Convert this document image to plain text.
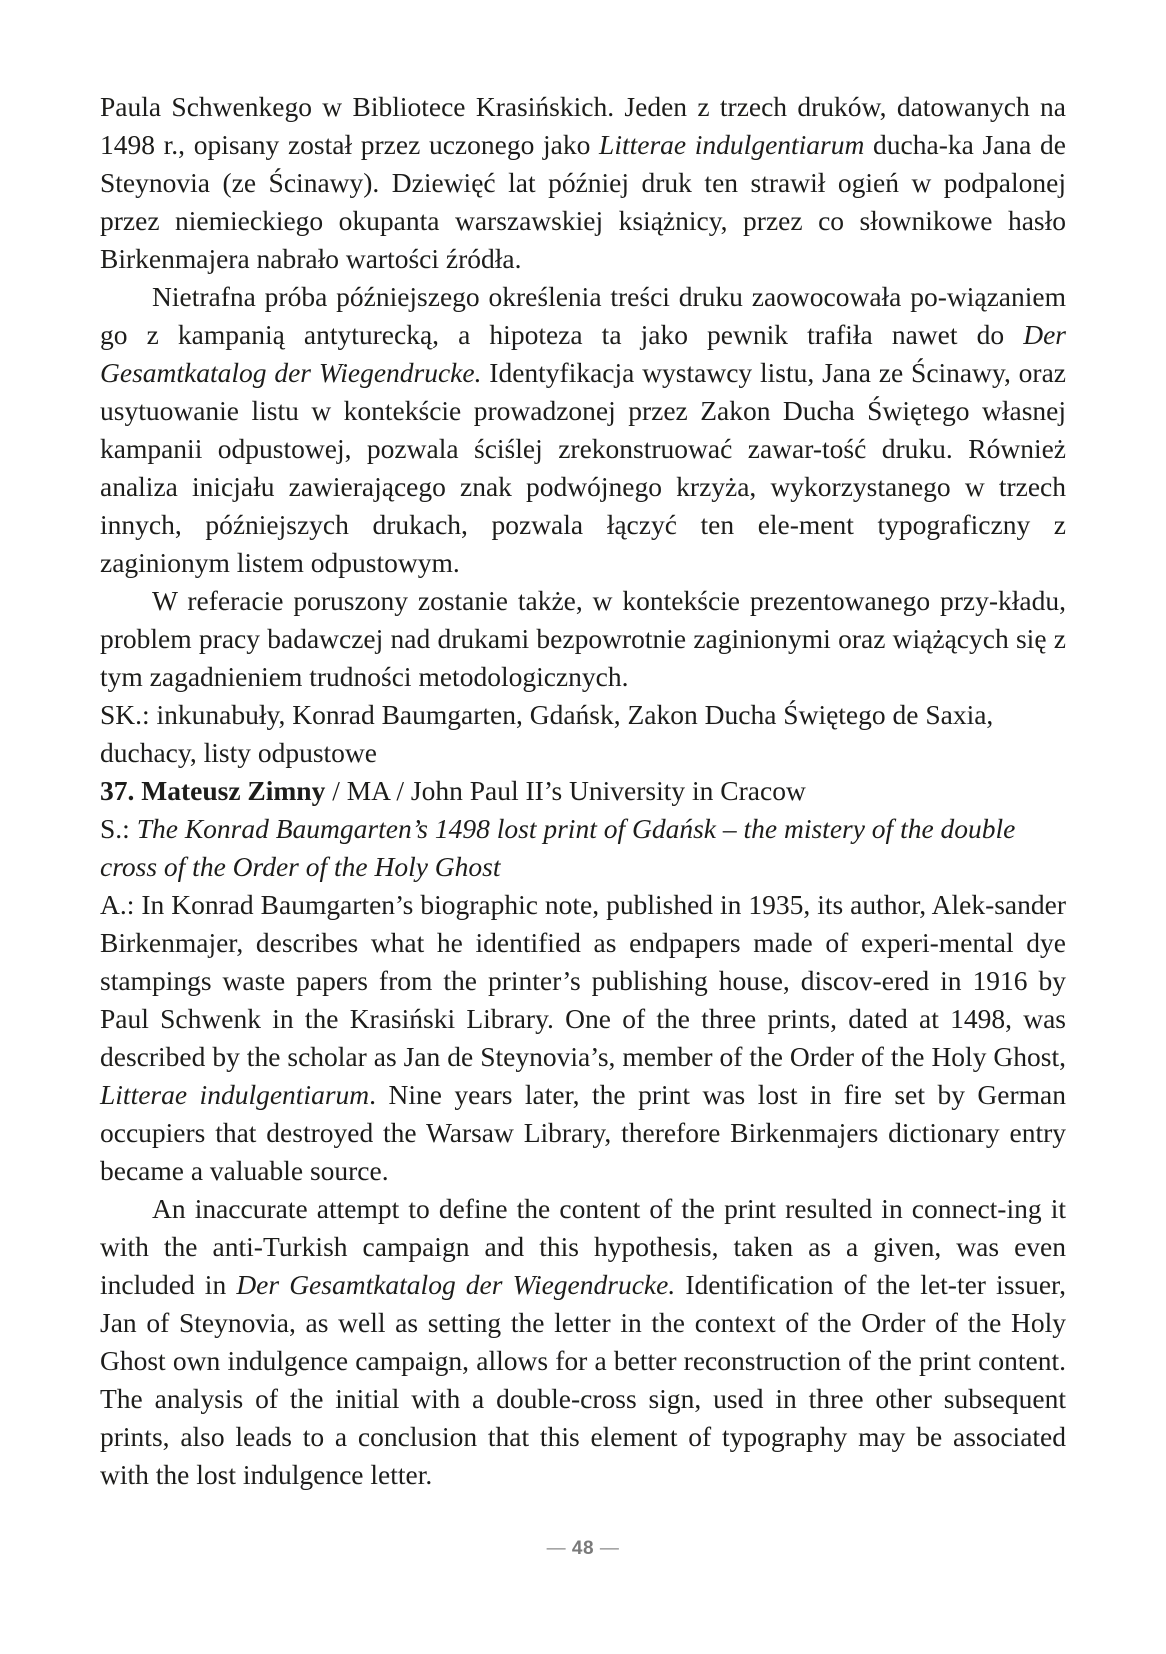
Paula Schwenkego w Bibliotece Krasińskich. Jeden z trzech druków, datowanych na 1498 r., opisany został przez uczonego jako Litterae indulgentiarum ducha-ka Jana de Steynovia (ze Ścinawy). Dziewięć lat później druk ten strawił ogień w podpalonej przez niemieckiego okupanta warszawskiej książnicy, przez co słownikowe hasło Birkenmajera nabrało wartości źródła.

Nietrafna próba późniejszego określenia treści druku zaowocowała po-wiązaniem go z kampanią antyturecką, a hipoteza ta jako pewnik trafiła nawet do Der Gesamtkatalog der Wiegendrucke. Identyfikacja wystawcy listu, Jana ze Ścinawy, oraz usytuowanie listu w kontekście prowadzonej przez Zakon Ducha Świętego własnej kampanii odpustowej, pozwala ściślej zrekonstruować zawar-tość druku. Również analiza inicjału zawierającego znak podwójnego krzyża, wykorzystanego w trzech innych, późniejszych drukach, pozwala łączyć ten ele-ment typograficzny z zaginionym listem odpustowym.

W referacie poruszony zostanie także, w kontekście prezentowanego przy-kładu, problem pracy badawczej nad drukami bezpowrotnie zaginionymi oraz wiążących się z tym zagadnieniem trudności metodologicznych.

SK.: inkunabuły, Konrad Baumgarten, Gdańsk, Zakon Ducha Świętego de Saxia, duchacy, listy odpustowe

37. Mateusz Zimny / MA / John Paul II’s University in Cracow

S.: The Konrad Baumgarten’s 1498 lost print of Gdańsk – the mistery of the double cross of the Order of the Holy Ghost

A.: In Konrad Baumgarten’s biographic note, published in 1935, its author, Alek-sander Birkenmajer, describes what he identified as endpapers made of experi-mental dye stampings waste papers from the printer’s publishing house, discov-ered in 1916 by Paul Schwenk in the Krasiński Library. One of the three prints, dated at 1498, was described by the scholar as Jan de Steynovia’s, member of the Order of the Holy Ghost, Litterae indulgentiarum. Nine years later, the print was lost in fire set by German occupiers that destroyed the Warsaw Library, therefore Birkenmajers dictionary entry became a valuable source.

An inaccurate attempt to define the content of the print resulted in connect-ing it with the anti-Turkish campaign and this hypothesis, taken as a given, was even included in Der Gesamtkatalog der Wiegendrucke. Identification of the let-ter issuer, Jan of Steynovia, as well as setting the letter in the context of the Order of the Holy Ghost own indulgence campaign, allows for a better reconstruction of the print content. The analysis of the initial with a double-cross sign, used in three other subsequent prints, also leads to a conclusion that this element of typography may be associated with the lost indulgence letter.

— 48 —
